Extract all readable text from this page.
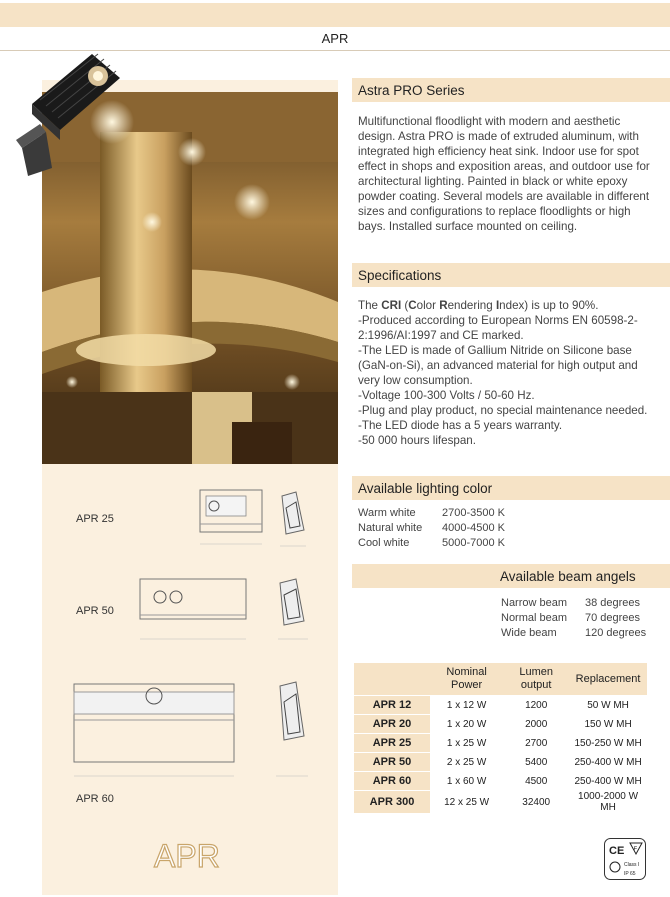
APR
APR 25
APR 50
APR 60
APR
Astra PRO Series
Multifunctional floodlight with modern and aesthetic design. Astra PRO is made of extruded aluminum, with integrated high efficiency heat sink. Indoor use for spot effect in shops and exposition areas, and outdoor use for architectural lighting. Painted in black or white epoxy powder coating. Several models are available in different sizes and configurations to replace floodlights or high bays. Installed surface mounted on ceiling.
Specifications

The CRI (Color Rendering Index) is up to 90%.

-Produced according to European Norms EN 60598-2-2:1996/AI:1997 and CE marked.

-The LED is made of Gallium Nitride on Silicone base (GaN-on-Si), an advanced material for high output and very low consumption.

-Voltage 100-300 Volts / 50-60 Hz.

-Plug and play product, no special maintenance needed.

-The LED diode has a 5 years warranty.

-50 000 hours lifespan.

Available lighting color
Warm white	2700-3500 K
Natural white	4000-4500 K
Cool white	5000-7000 K
Available beam angels
Narrow beam	38 degrees
Normal beam	70 degrees
Wide beam	120 degrees
	Nominal Power	Lumen output	Replacement
APR 12	1 x 12 W	1200	50 W MH
APR 20	1 x 20 W	2000	150 W MH
APR 25	1 x 25 W	2700	150-250 W MH
APR 50	2 x 25 W	5400	250-400 W MH
APR 60	1 x 60 W	4500	250-400 W MH
APR 300	12 x 25 W	32400	1000-2000 W MH
CE F
Class I
IP 65
